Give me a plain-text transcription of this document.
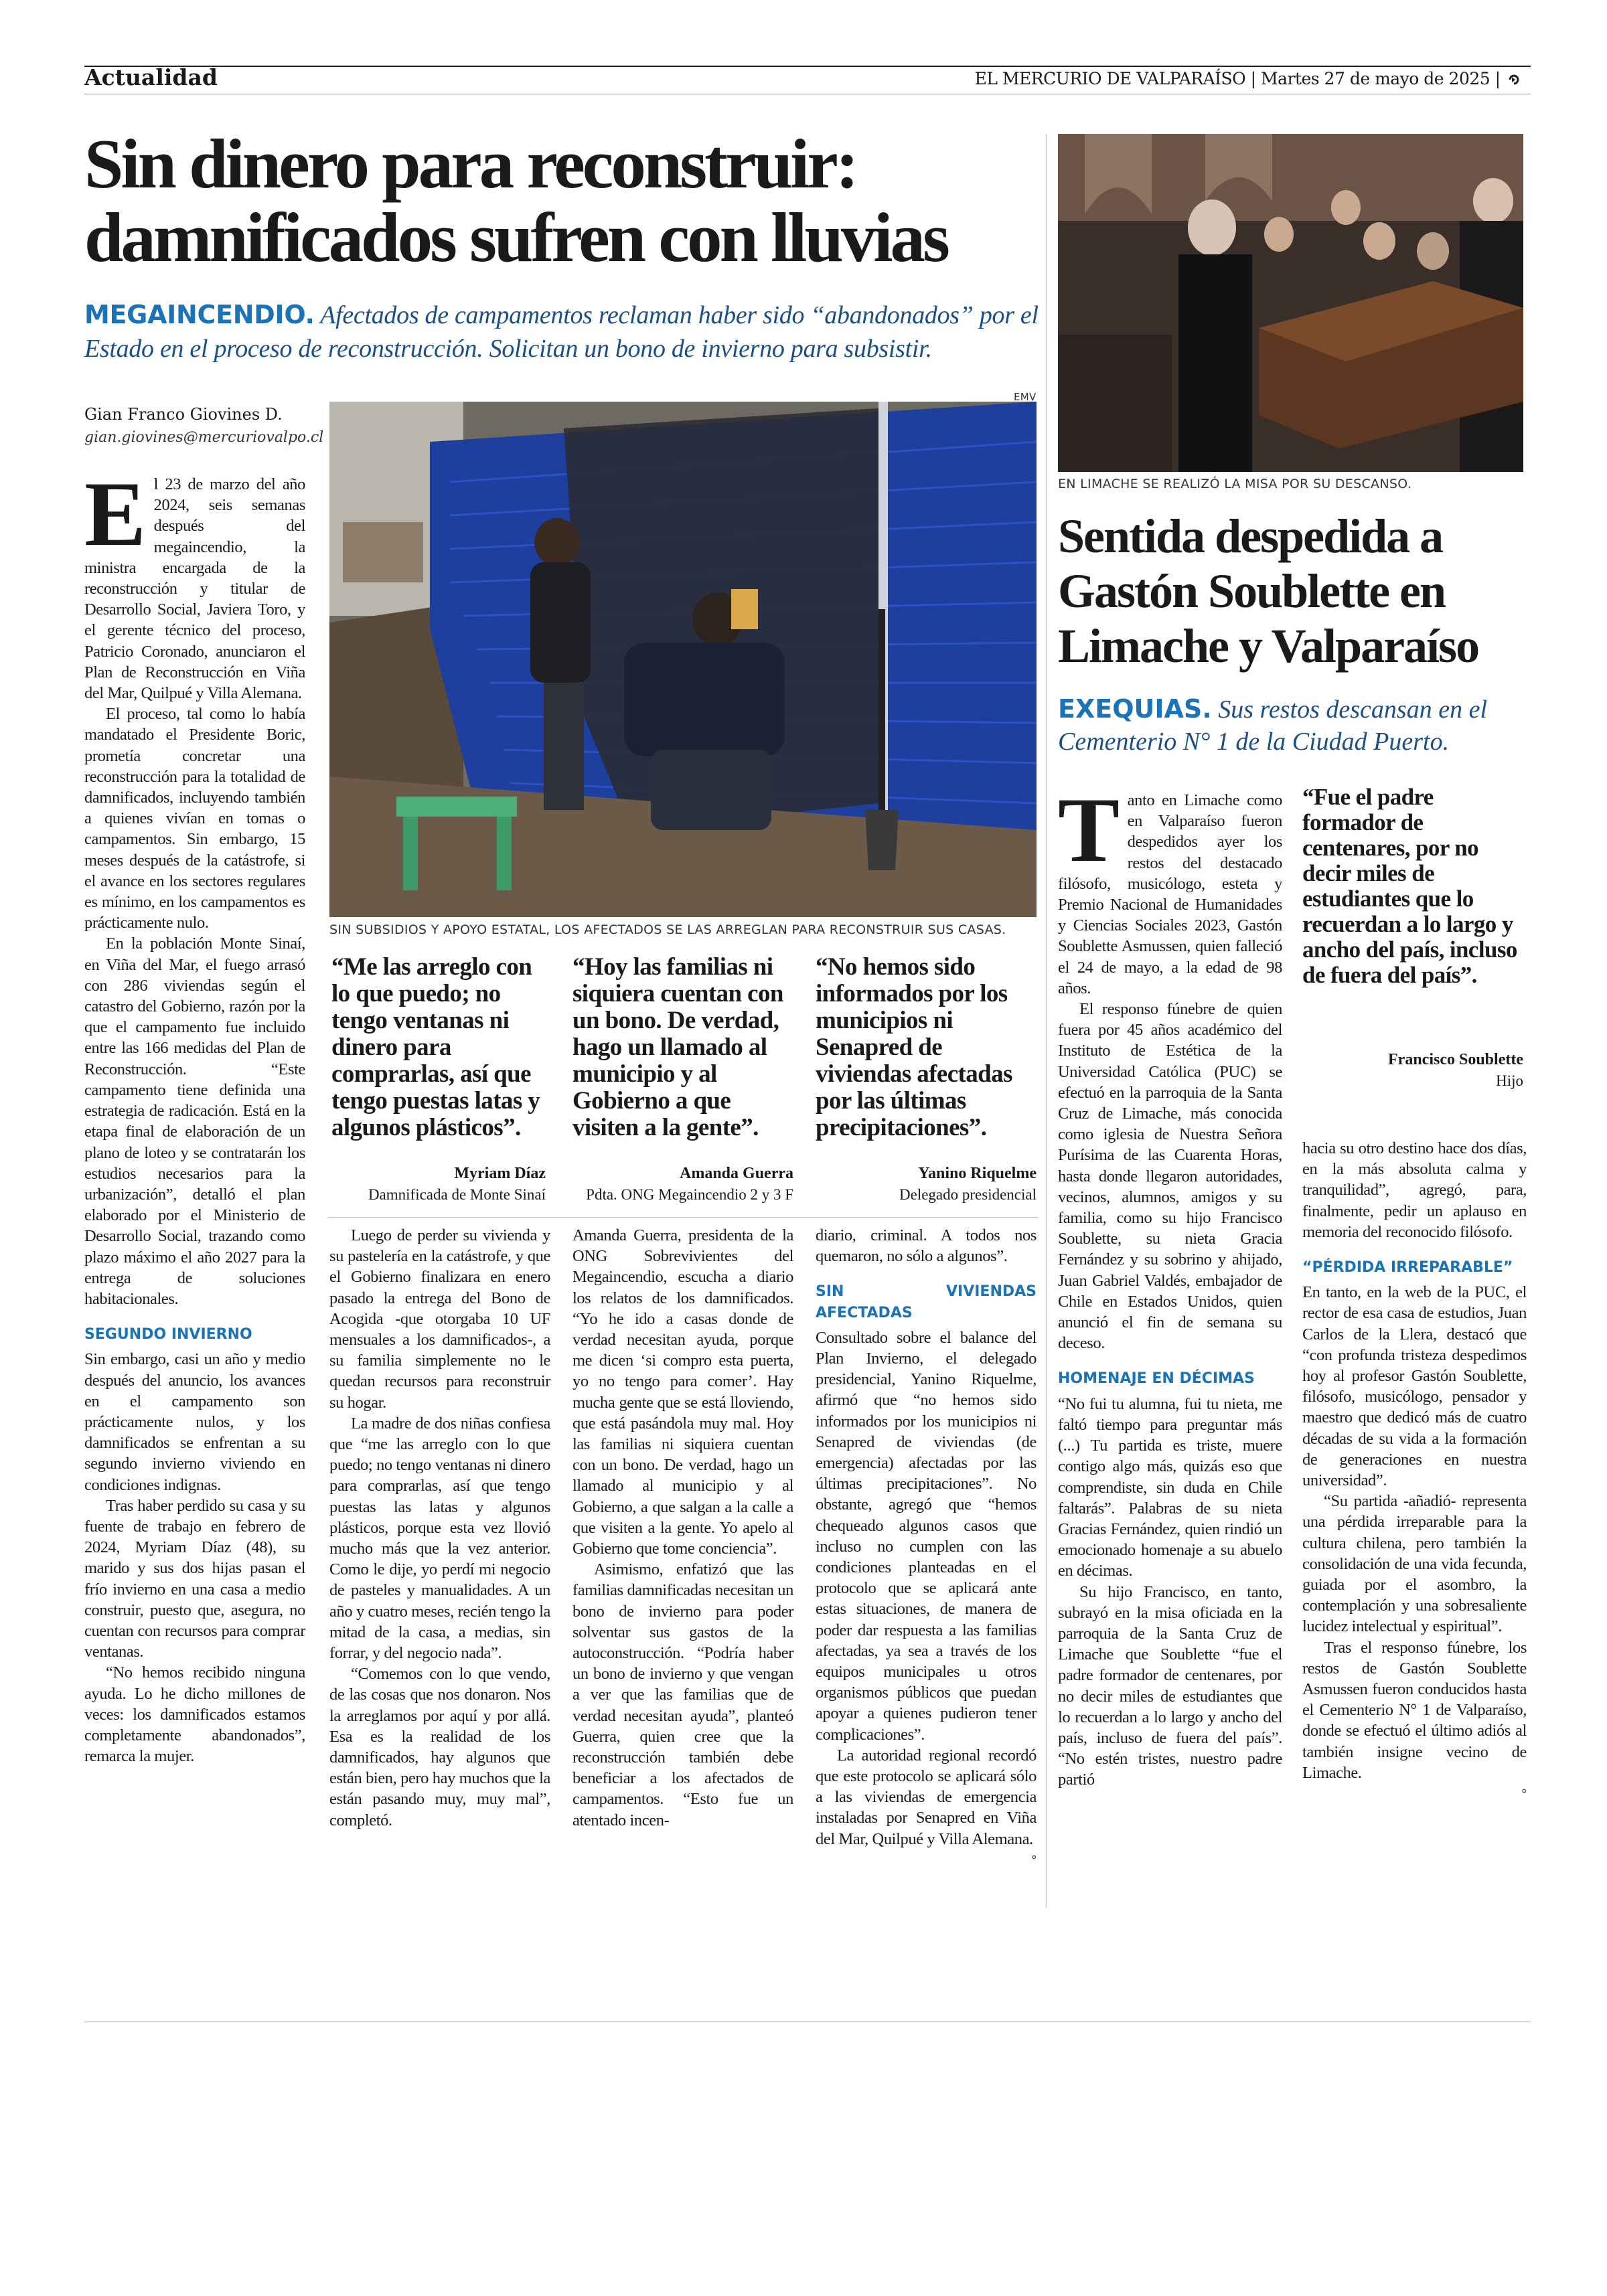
Actualidad	EL MERCURIO DE VALPARAÍSO | Martes 27 de mayo de 2025 |
Sin dinero para reconstruir:
damnificados sufren con lluvias
MEGAINCENDIO. Afectados de campamentos reclaman haber sido “abandonados” por el Estado en el proceso de reconstrucción. Solicitan un bono de invierno para subsistir.
Gian Franco Giovines D.
gian.giovines@mercuriovalpo.cl
EMV
SIN SUBSIDIOS Y APOYO ESTATAL, LOS AFECTADOS SE LAS ARREGLAN PARA RECONSTRUIR SUS CASAS.
E l 23 de marzo del año 2024, seis semanas después del megaincendio, la ministra encargada de la reconstrucción y titular de Desarrollo Social, Javiera Toro, y el gerente técnico del proceso, Patricio Coronado, anunciaron el Plan de Reconstrucción en Viña del Mar, Quilpué y Villa Alemana.

El proceso, tal como lo había mandatado el Presidente Boric, prometía concretar una reconstrucción para la totalidad de damnificados, incluyendo también a quienes vivían en tomas o campamentos. Sin embargo, 15 meses después de la catástrofe, si el avance en los sectores regulares es mínimo, en los campamentos es prácticamente nulo.

En la población Monte Sinaí, en Viña del Mar, el fuego arrasó con 286 viviendas según el catastro del Gobierno, razón por la que el campamento fue incluido entre las 166 medidas del Plan de Reconstrucción. “Este campamento tiene definida una estrategia de radicación. Está en la etapa final de elaboración de un plano de loteo y se contratarán los estudios necesarios para la urbanización”, detalló el plan elaborado por el Ministerio de Desarrollo Social, trazando como plazo máximo el año 2027 para la entrega de soluciones habitacionales.

SEGUNDO INVIERNO

Sin embargo, casi un año y medio después del anuncio, los avances en el campamento son prácticamente nulos, y los damnificados se enfrentan a su segundo invierno viviendo en condiciones indignas.

Tras haber perdido su casa y su fuente de trabajo en febrero de 2024, Myriam Díaz (48), su marido y sus dos hijas pasan el frío invierno en una casa a medio construir, puesto que, asegura, no cuentan con recursos para comprar ventanas.

“No hemos recibido ninguna ayuda. Lo he dicho millones de veces: los damnificados estamos completamente abandonados”, remarca la mujer.

“Me las arreglo con lo que puedo; no tengo ventanas ni dinero para comprarlas, así que tengo puestas latas y algunos plásticos”.
Myriam Díaz
Damnificada de Monte Sinaí
“Hoy las familias ni siquiera cuentan con un bono. De verdad, hago un llamado al municipio y al Gobierno a que visiten a la gente”.
Amanda Guerra
Pdta. ONG Megaincendio 2 y 3 F
“No hemos sido informados por los municipios ni Senapred de viviendas afectadas por las últimas precipitaciones”.
Yanino Riquelme
Delegado presidencial

Luego de perder su vivienda y su pastelería en la catástrofe, y que el Gobierno finalizara en enero pasado la entrega del Bono de Acogida -que otorgaba 10 UF mensuales a los damnificados-, a su familia simplemente no le quedan recursos para reconstruir su hogar.

La madre de dos niñas confiesa que “me las arreglo con lo que puedo; no tengo ventanas ni dinero para comprarlas, así que tengo puestas las latas y algunos plásticos, porque esta vez llovió mucho más que la vez anterior. Como le dije, yo perdí mi negocio de pasteles y manualidades. A un año y cuatro meses, recién tengo la mitad de la casa, a medias, sin forrar, y del negocio nada”.

“Comemos con lo que vendo, de las cosas que nos donaron. Nos la arreglamos por aquí y por allá. Esa es la realidad de los damnificados, hay algunos que están bien, pero hay muchos que la están pasando muy, muy mal”, completó.

Amanda Guerra, presidenta de la ONG Sobrevivientes del Megaincendio, escucha a diario los relatos de los damnificados. “Yo he ido a casas donde de verdad necesitan ayuda, porque me dicen ‘si compro esta puerta, yo no tengo para comer’. Hay mucha gente que se está lloviendo, que está pasándola muy mal. Hoy las familias ni siquiera cuentan con un bono. De verdad, hago un llamado al municipio y al Gobierno, a que salgan a la calle a que visiten a la gente. Yo apelo al Gobierno que tome conciencia”.

Asimismo, enfatizó que las familias damnificadas necesitan un bono de invierno para poder solventar sus gastos de la autoconstrucción. “Podría haber un bono de invierno y que vengan a ver que las familias que de verdad necesitan ayuda”, planteó Guerra, quien cree que la reconstrucción también debe beneficiar a los afectados de campamentos. “Esto fue un atentado incen-

diario, criminal. A todos nos quemaron, no sólo a algunos”.

SIN VIVIENDAS AFECTADAS

Consultado sobre el balance del Plan Invierno, el delegado presidencial, Yanino Riquelme, afirmó que “no hemos sido informados por los municipios ni Senapred de viviendas (de emergencia) afectadas por las últimas precipitaciones”. No obstante, agregó que “hemos chequeado algunos casos que incluso no cumplen con las condiciones planteadas en el protocolo que se aplicará ante estas situaciones, de manera de poder dar respuesta a las familias afectadas, ya sea a través de los equipos municipales u otros organismos públicos que puedan apoyar a quienes pudieron tener complicaciones”.

La autoridad regional recordó que este protocolo se aplicará sólo a las viviendas de emergencia instaladas por Senapred en Viña del Mar, Quilpué y Villa Alemana.

ᐤ
EN LIMACHE SE REALIZÓ LA MISA POR SU DESCANSO.
Sentida despedida a Gastón Soublette en Limache y Valparaíso
EXEQUIAS. Sus restos descansan en el Cementerio N° 1 de la Ciudad Puerto.
T anto en Limache como en Valparaíso fueron despedidos ayer los restos del destacado filósofo, musicólogo, esteta y Premio Nacional de Humanidades y Ciencias Sociales 2023, Gastón Soublette Asmussen, quien falleció el 24 de mayo, a la edad de 98 años.

El responso fúnebre de quien fuera por 45 años académico del Instituto de Estética de la Universidad Católica (PUC) se efectuó en la parroquia de la Santa Cruz de Limache, más conocida como iglesia de Nuestra Señora Purísima de las Cuarenta Horas, hasta donde llegaron autoridades, vecinos, alumnos, amigos y su familia, como su hijo Francisco Soublette, su nieta Gracia Fernández y su sobrino y ahijado, Juan Gabriel Valdés, embajador de Chile en Estados Unidos, quien anunció el fin de semana su deceso.

HOMENAJE EN DÉCIMAS

“No fui tu alumna, fui tu nieta, me faltó tiempo para preguntar más (...) Tu partida es triste, muere contigo algo más, quizás eso que comprendiste, sin duda en Chile faltarás”. Palabras de su nieta Gracias Fernández, quien rindió un emocionado homenaje a su abuelo en décimas.

Su hijo Francisco, en tanto, subrayó en la misa oficiada en la parroquia de la Santa Cruz de Limache que Soublette “fue el padre formador de centenares, por no decir miles de estudiantes que lo recuerdan a lo largo y ancho del país, incluso de fuera del país”. “No estén tristes, nuestro padre partió

“Fue el padre formador de centenares, por no decir miles de estudiantes que lo recuerdan a lo largo y ancho del país, incluso de fuera del país”.
Francisco Soublette
Hijo

hacia su otro destino hace dos días, en la más absoluta calma y tranquilidad”, agregó, para, finalmente, pedir un aplauso en memoria del reconocido filósofo.

“PÉRDIDA IRREPARABLE”

En tanto, en la web de la PUC, el rector de esa casa de estudios, Juan Carlos de la Llera, destacó que “con profunda tristeza despedimos hoy al profesor Gastón Soublette, filósofo, musicólogo, pensador y maestro que dedicó más de cuatro décadas de su vida a la formación de generaciones en nuestra universidad”.

“Su partida -añadió- representa una pérdida irreparable para la cultura chilena, pero también la consolidación de una vida fecunda, guiada por el asombro, la contemplación y una sobresaliente lucidez intelectual y espiritual”.

Tras el responso fúnebre, los restos de Gastón Soublette Asmussen fueron conducidos hasta el Cementerio N° 1 de Valparaíso, donde se efectuó el último adiós al también insigne vecino de Limache.

ᐤ
